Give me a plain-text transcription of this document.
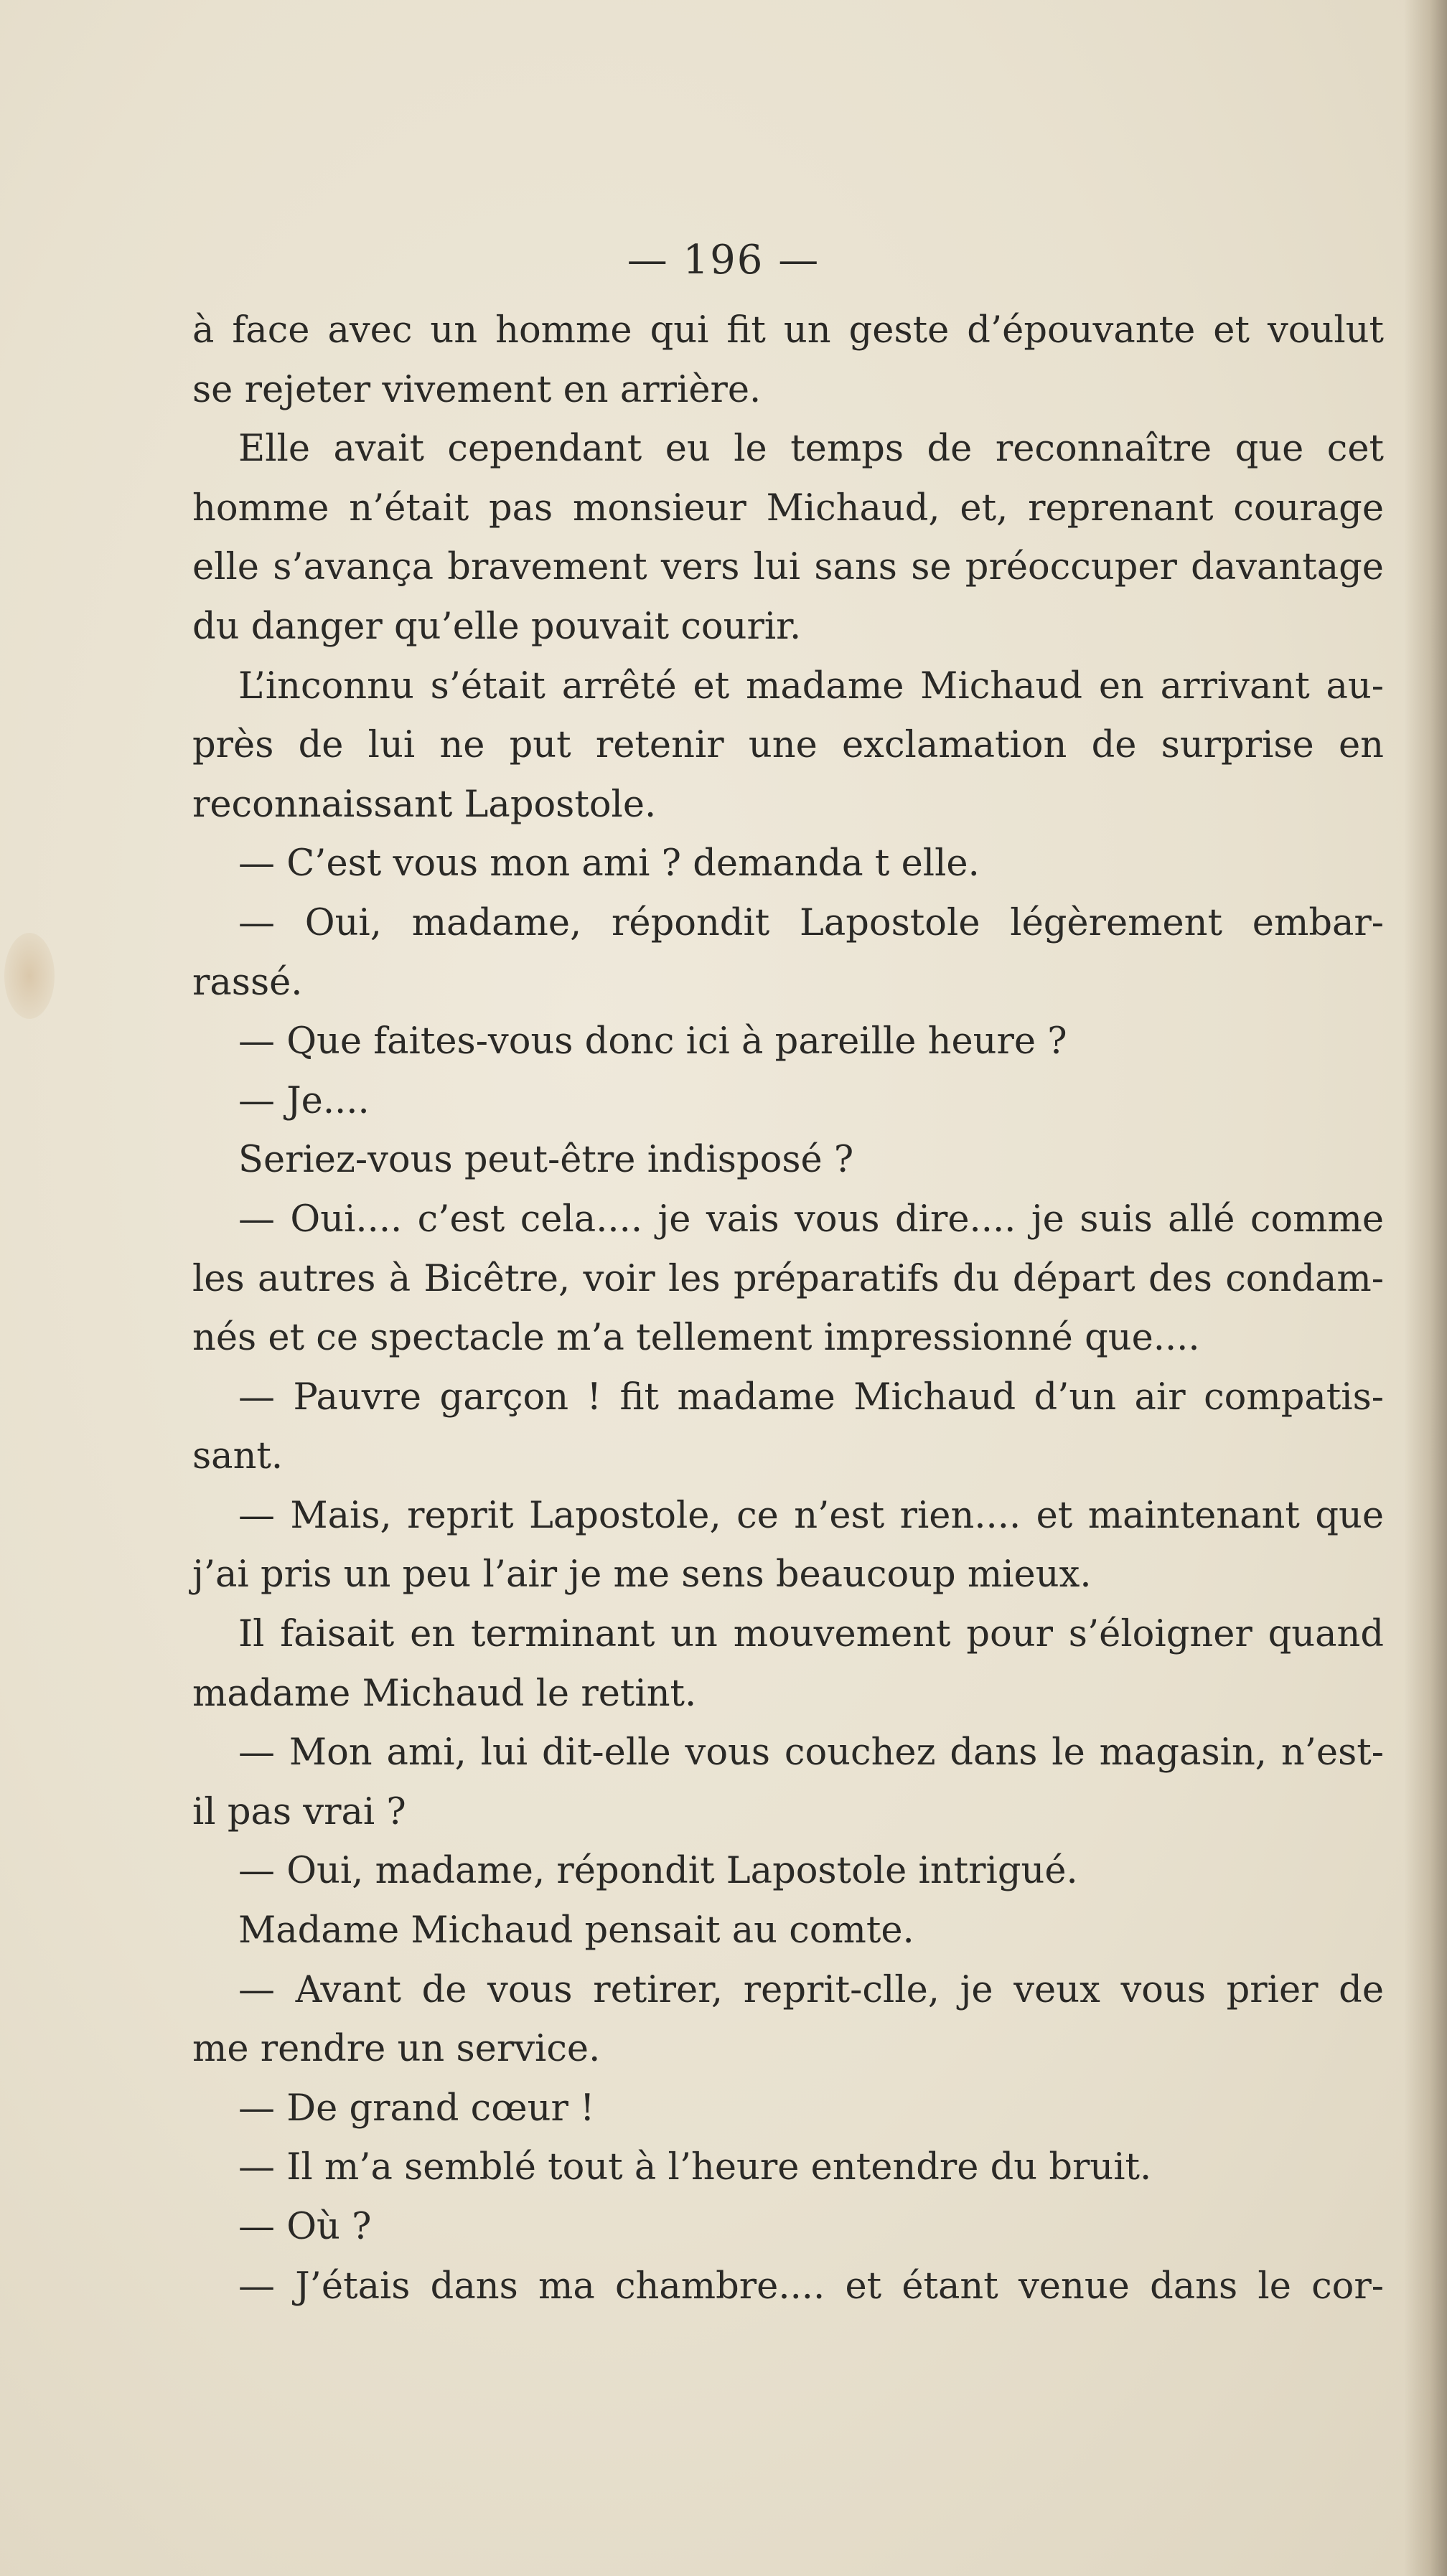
— 196 —
à face avec un homme qui fit un geste d’épouvante et voulut
se rejeter vivement en arrière.
Elle avait cependant eu le temps de reconnaître que cet
homme n’était pas monsieur Michaud, et, reprenant courage
elle s’avança bravement vers lui sans se préoccuper davantage
du danger qu’elle pouvait courir.
L’inconnu s’était arrêté et madame Michaud en arrivant au-
près de lui ne put retenir une exclamation de surprise en
reconnaissant Lapostole.
— C’est vous mon ami ? demanda t elle.
— Oui, madame, répondit Lapostole légèrement embar-
rassé.
— Que faites-vous donc ici à pareille heure ?
— Je....
Seriez-vous peut-être indisposé ?
— Oui.... c’est cela.... je vais vous dire.... je suis allé comme
les autres à Bicêtre, voir les préparatifs du départ des condam-
nés et ce spectacle m’a tellement impressionné que....
— Pauvre garçon ! fit madame Michaud d’un air compatis-
sant.
— Mais, reprit Lapostole, ce n’est rien.... et maintenant que
j’ai pris un peu l’air je me sens beaucoup mieux.
Il faisait en terminant un mouvement pour s’éloigner quand
madame Michaud le retint.
— Mon ami, lui dit-elle vous couchez dans le magasin, n’est-
il pas vrai ?
— Oui, madame, répondit Lapostole intrigué.
Madame Michaud pensait au comte.
— Avant de vous retirer, reprit-clle, je veux vous prier de
me rendre un service.
— De grand cœur !
— Il m’a semblé tout à l’heure entendre du bruit.
— Où ?
— J’étais dans ma chambre.... et étant venue dans le cor-
